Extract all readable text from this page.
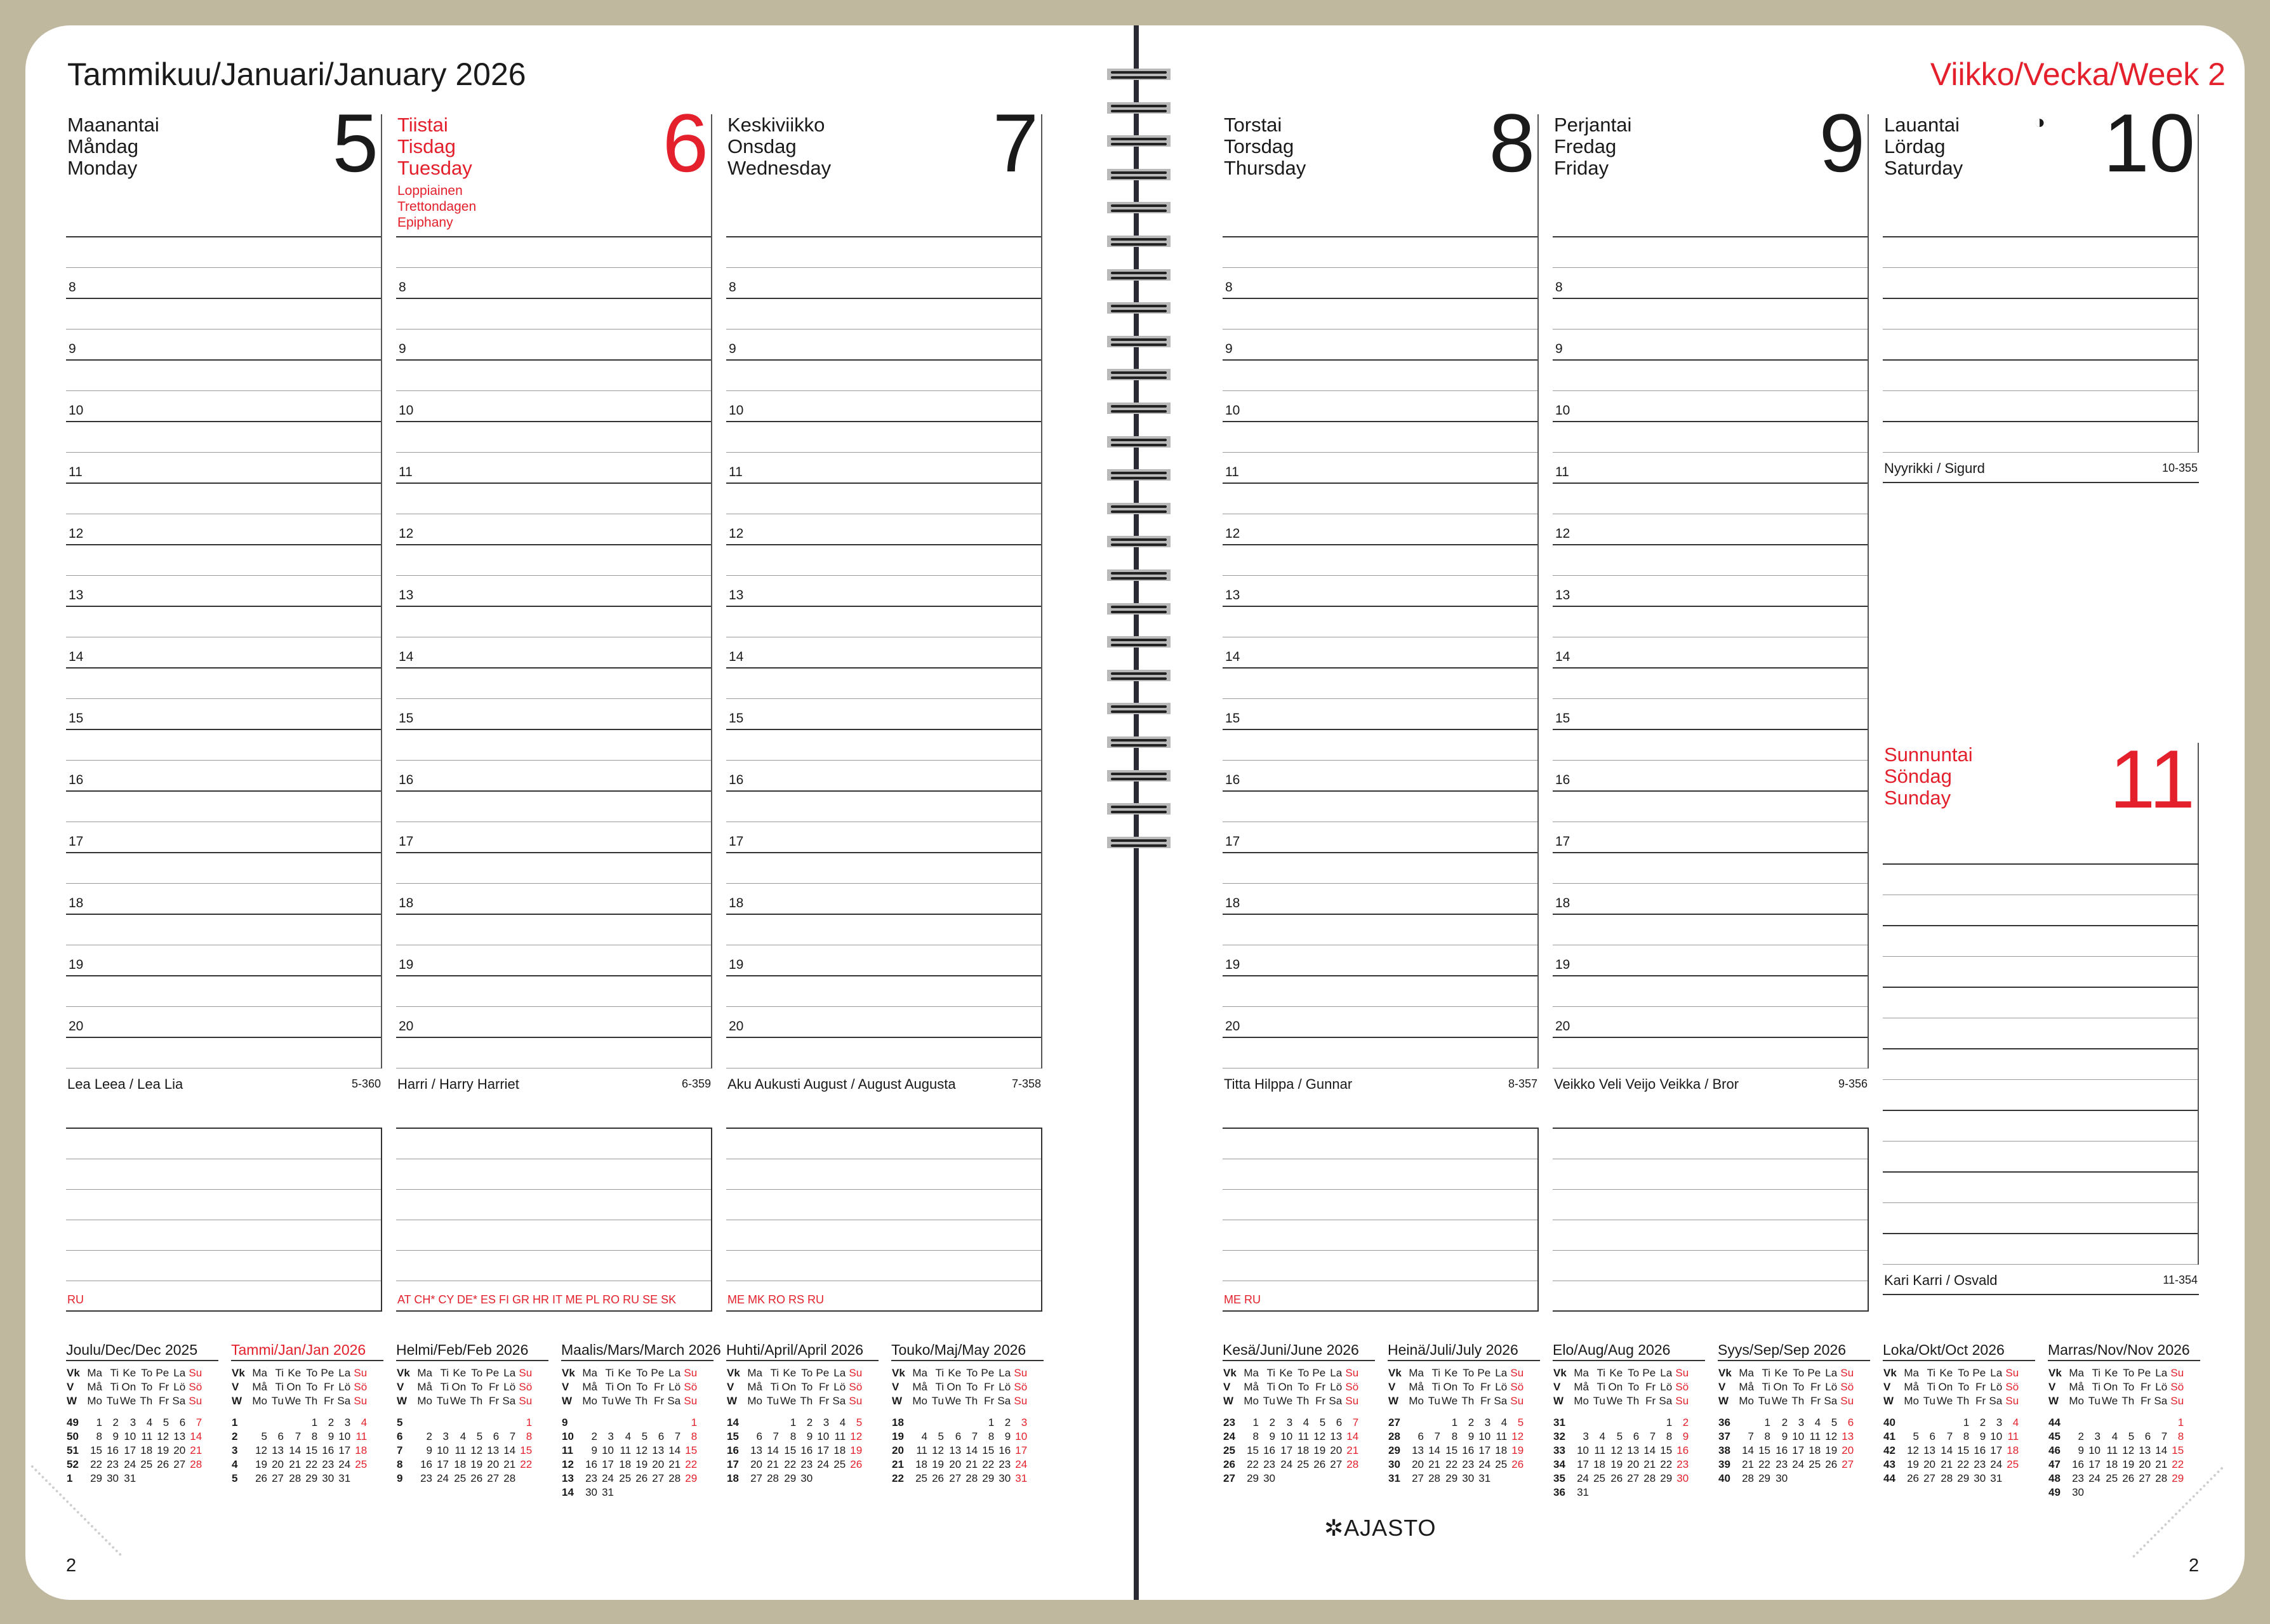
Tammikuu/Januari/January 2026	Viikko/Vecka/Week 2
Maanantai
Måndag
Monday 5
8
9
10
11
12
13
14
15
16
17
18
19
20
Lea Leea / Lea Lia	5-360
RU
Tiistai
Tisdag
Tuesday 6
Loppiainen
Trettondagen
Epiphany
8
9
10
11
12
13
14
15
16
17
18
19
20
Harri / Harry Harriet	6-359
AT CH* CY DE* ES FI GR HR IT ME PL RO RU SE SK
Keskiviikko
Onsdag
Wednesday 7
8
9
10
11
12
13
14
15
16
17
18
19
20
Aku Aukusti August / August Augusta	7-358
ME MK RO RS RU
Torstai
Torsdag
Thursday 8
8
9
10
11
12
13
14
15
16
17
18
19
20
Titta Hilppa / Gunnar	8-357
ME RU
Perjantai
Fredag
Friday	9
8
9
10
11
12
13
14
15
16
17
18
19
20
Veikko Veli Veijo Veikka / Bror	9-356
Lauantai
Lördag
Saturday 10
◑
Nyyrikki / Sigurd	10-355
Sunnuntai
Söndag
Sunday 11
Kari Karri / Osvald	11-354
Joulu/Dec/Dec 2025
Vk	Ma	Ti	Ke	To	Pe	La	Su
V	Må	Ti	On	To	Fr	Lö	Sö
W	Mo	Tu	We	Th	Fr	Sa	Su

49	1	2	3	4	5	6	7
50	8	9	10	11	12	13	14
51	15	16	17	18	19	20	21
52	22	23	24	25	26	27	28
1	29	30	31				
Tammi/Jan/Jan 2026
Vk	Ma	Ti	Ke	To	Pe	La	Su
V	Må	Ti	On	To	Fr	Lö	Sö
W	Mo	Tu	We	Th	Fr	Sa	Su

1				1	2	3	4
2	5	6	7	8	9	10	11
3	12	13	14	15	16	17	18
4	19	20	21	22	23	24	25
5	26	27	28	29	30	31	
Helmi/Feb/Feb 2026
Vk	Ma	Ti	Ke	To	Pe	La	Su
V	Må	Ti	On	To	Fr	Lö	Sö
W	Mo	Tu	We	Th	Fr	Sa	Su

5							1
6	2	3	4	5	6	7	8
7	9	10	11	12	13	14	15
8	16	17	18	19	20	21	22
9	23	24	25	26	27	28	
Maalis/Mars/March 2026
Vk	Ma	Ti	Ke	To	Pe	La	Su
V	Må	Ti	On	To	Fr	Lö	Sö
W	Mo	Tu	We	Th	Fr	Sa	Su

9							1
10	2	3	4	5	6	7	8
11	9	10	11	12	13	14	15
12	16	17	18	19	20	21	22
13	23	24	25	26	27	28	29
14	30	31					
Huhti/April/April 2026
Vk	Ma	Ti	Ke	To	Pe	La	Su
V	Må	Ti	On	To	Fr	Lö	Sö
W	Mo	Tu	We	Th	Fr	Sa	Su

14			1	2	3	4	5
15	6	7	8	9	10	11	12
16	13	14	15	16	17	18	19
17	20	21	22	23	24	25	26
18	27	28	29	30			
Touko/Maj/May 2026
Vk	Ma	Ti	Ke	To	Pe	La	Su
V	Må	Ti	On	To	Fr	Lö	Sö
W	Mo	Tu	We	Th	Fr	Sa	Su

18					1	2	3
19	4	5	6	7	8	9	10
20	11	12	13	14	15	16	17
21	18	19	20	21	22	23	24
22	25	26	27	28	29	30	31
Kesä/Juni/June 2026
Vk	Ma	Ti	Ke	To	Pe	La	Su
V	Må	Ti	On	To	Fr	Lö	Sö
W	Mo	Tu	We	Th	Fr	Sa	Su

23	1	2	3	4	5	6	7
24	8	9	10	11	12	13	14
25	15	16	17	18	19	20	21
26	22	23	24	25	26	27	28
27	29	30					
Heinä/Juli/July 2026
Vk	Ma	Ti	Ke	To	Pe	La	Su
V	Må	Ti	On	To	Fr	Lö	Sö
W	Mo	Tu	We	Th	Fr	Sa	Su

27			1	2	3	4	5
28	6	7	8	9	10	11	12
29	13	14	15	16	17	18	19
30	20	21	22	23	24	25	26
31	27	28	29	30	31		
Elo/Aug/Aug 2026
Vk	Ma	Ti	Ke	To	Pe	La	Su
V	Må	Ti	On	To	Fr	Lö	Sö
W	Mo	Tu	We	Th	Fr	Sa	Su

31						1	2
32	3	4	5	6	7	8	9
33	10	11	12	13	14	15	16
34	17	18	19	20	21	22	23
35	24	25	26	27	28	29	30
36	31						
Syys/Sep/Sep 2026
Vk	Ma	Ti	Ke	To	Pe	La	Su
V	Må	Ti	On	To	Fr	Lö	Sö
W	Mo	Tu	We	Th	Fr	Sa	Su

36		1	2	3	4	5	6
37	7	8	9	10	11	12	13
38	14	15	16	17	18	19	20
39	21	22	23	24	25	26	27
40	28	29	30				
Loka/Okt/Oct 2026
Vk	Ma	Ti	Ke	To	Pe	La	Su
V	Må	Ti	On	To	Fr	Lö	Sö
W	Mo	Tu	We	Th	Fr	Sa	Su

40				1	2	3	4
41	5	6	7	8	9	10	11
42	12	13	14	15	16	17	18
43	19	20	21	22	23	24	25
44	26	27	28	29	30	31	
Marras/Nov/Nov 2026
Vk	Ma	Ti	Ke	To	Pe	La	Su
V	Må	Ti	On	To	Fr	Lö	Sö
W	Mo	Tu	We	Th	Fr	Sa	Su

44							1
45	2	3	4	5	6	7	8
46	9	10	11	12	13	14	15
47	16	17	18	19	20	21	22
48	23	24	25	26	27	28	29
49	30						
2	2
✲AJASTO
